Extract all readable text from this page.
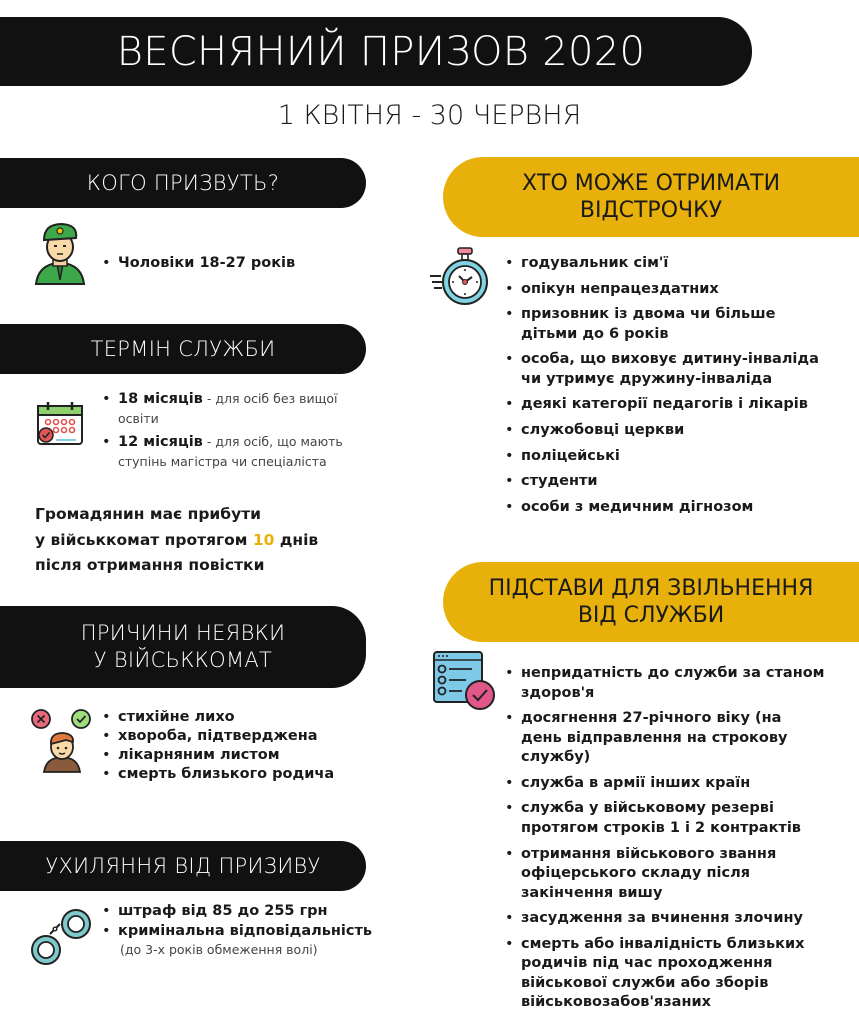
ВЕСНЯНИЙ ПРИЗОВ 2020
1 КВІТНЯ - 30 ЧЕРВНЯ
КОГО ПРИЗВУТЬ?
• Чоловіки 18-27 років
ТЕРМІН СЛУЖБИ
• 18 місяців - для осіб без вищої освіти
• 12 місяців - для осіб, що мають ступінь магістра чи спеціаліста
Громадянин має прибути
у військкомат протягом 10 днів
після отримання повістки
ПРИЧИНИ НЕЯВКИ
У ВІЙСЬККОМАТ
• стихійне лихо
• хвороба, підтверджена
• лікарняним листом
• смерть близького родича
УХИЛЯННЯ ВІД ПРИЗИВУ
• штраф від 85 до 255 грн
• кримінальна відповідальність
(до 3-х років обмеження волі)
ХТО МОЖЕ ОТРИМАТИ
ВІДСТРОЧКУ
• годувальник сім'ї
• опікун непрацездатних
• призовник із двома чи більше дітьми до 6 років
• особа, що виховує дитину-інваліда чи утримує дружину-інваліда
• деякі категорії педагогів і лікарів
• служобовці церкви
• поліцейські
• студенти
• особи з медичним дігнозом
ПІДСТАВИ ДЛЯ ЗВІЛЬНЕННЯ
ВІД СЛУЖБИ
• непридатність до служби за станом здоров'я
• досягнення 27-річного віку (на день відправлення на строкову службу)
• служба в армії інших країн
• служба у військовому резерві протягом строків 1 і 2 контрактів
• отримання військового звання офіцерського складу після закінчення вишу
• засудження за вчинення злочину
• смерть або інвалідність близьких родичів під час проходження військової служби або зборів військовозабов'язаних
